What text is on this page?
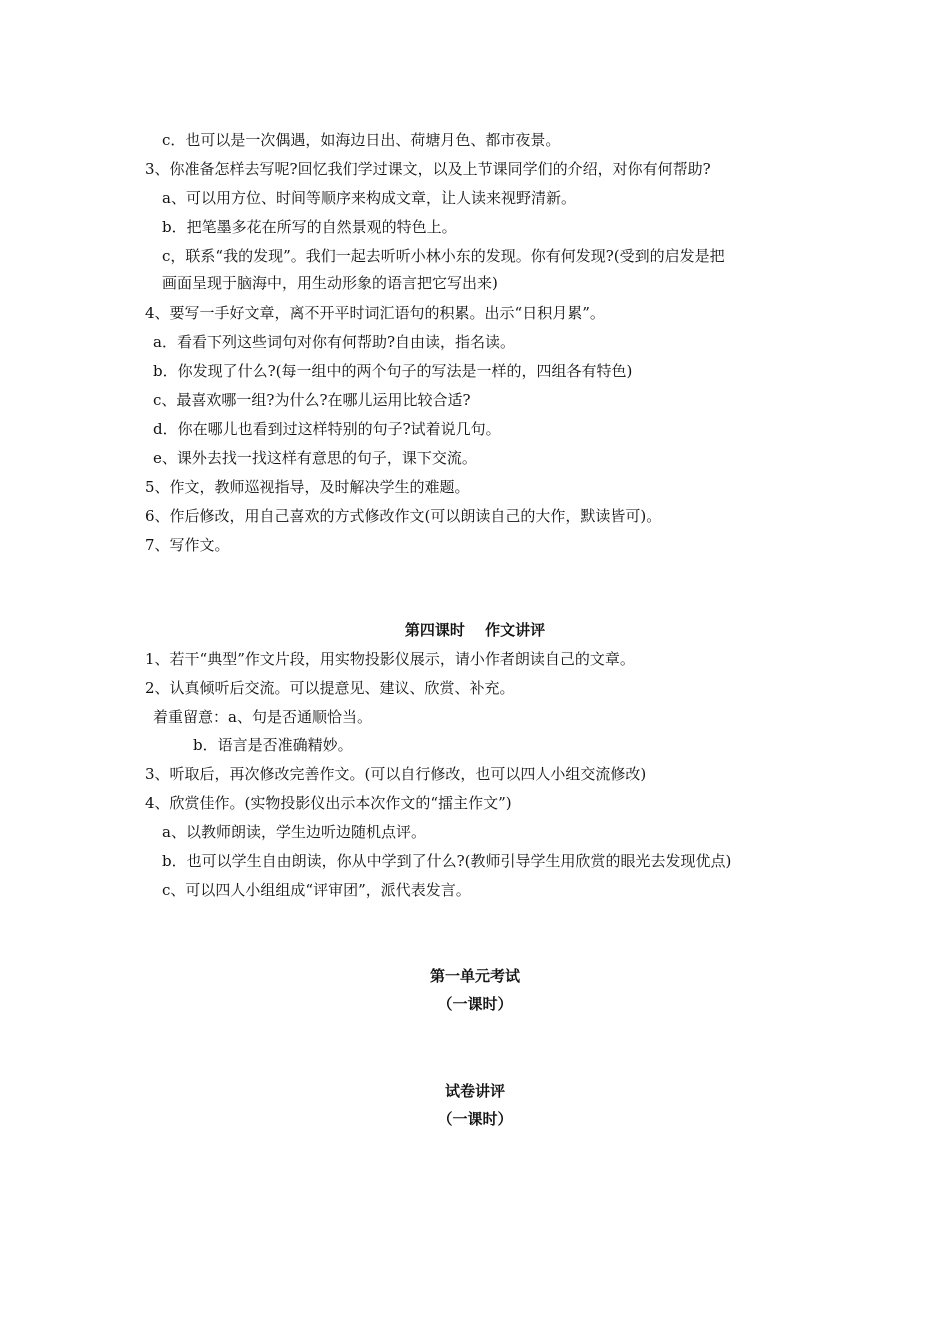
c．也可以是一次偶遇，如海边日出、荷塘月色、都市夜景。
3、你准备怎样去写呢?回忆我们学过课文，以及上节课同学们的介绍，对你有何帮助?
a、可以用方位、时间等顺序来构成文章，让人读来视野清新。
b．把笔墨多花在所写的自然景观的特色上。
c，联系“我的发现”。我们一起去听听小林小东的发现。你有何发现?(受到的启发是把
画面呈现于脑海中，用生动形象的语言把它写出来)
4、要写一手好文章，离不开平时词汇语句的积累。出示“日积月累”。
a．看看下列这些词句对你有何帮助?自由读，指名读。
b．你发现了什么?(每一组中的两个句子的写法是一样的，四组各有特色)
c、最喜欢哪一组?为什么?在哪儿运用比较合适?
d．你在哪儿也看到过这样特别的句子?试着说几句。
e、课外去找一找这样有意思的句子，课下交流。
5、作文，教师巡视指导，及时解决学生的难题。
6、作后修改，用自己喜欢的方式修改作文(可以朗读自己的大作，默读皆可)。
7、写作文。
第四课时　 作文讲评
1、若干“典型”作文片段，用实物投影仪展示，请小作者朗读自己的文章。
2、认真倾听后交流。可以提意见、建议、欣赏、补充。
着重留意：a、句是否通顺恰当。
b．语言是否准确精妙。
3、听取后，再次修改完善作文。(可以自行修改，也可以四人小组交流修改)
4、欣赏佳作。(实物投影仪出示本次作文的“擂主作文”)
a、以教师朗读，学生边听边随机点评。
b．也可以学生自由朗读，你从中学到了什么?(教师引导学生用欣赏的眼光去发现优点)
c、可以四人小组组成“评审团”，派代表发言。
第一单元考试
（一课时）
试卷讲评
（一课时）
